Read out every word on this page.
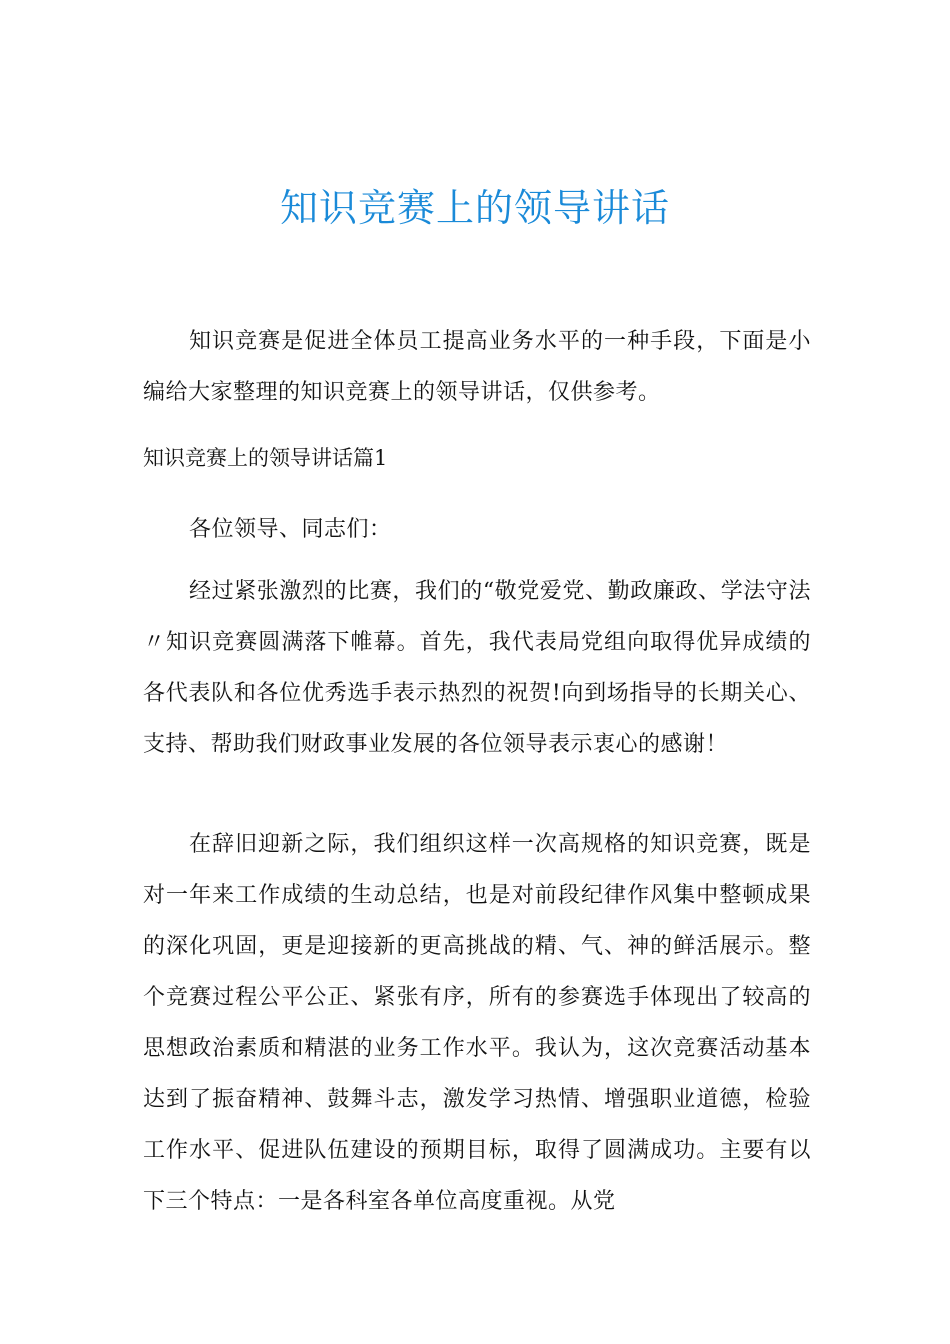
知识竞赛上的领导讲话

知识竞赛是促进全体员工提高业务水平的一种手段，下面是小编给大家整理的知识竞赛上的领导讲话，仅供参考。

知识竞赛上的领导讲话篇1

各位领导、同志们：

经过紧张激烈的比赛，我们的“敬党爱党、勤政廉政、学法守法〃知识竞赛圆满落下帷幕。首先，我代表局党组向取得优异成绩的各代表队和各位优秀选手表示热烈的祝贺!向到场指导的长期关心、支持、帮助我们财政事业发展的各位领导表示衷心的感谢！

在辞旧迎新之际，我们组织这样一次高规格的知识竞赛，既是对一年来工作成绩的生动总结，也是对前段纪律作风集中整顿成果的深化巩固，更是迎接新的更高挑战的精、气、神的鲜活展示。整个竞赛过程公平公正、紧张有序，所有的参赛选手体现出了较高的思想政治素质和精湛的业务工作水平。我认为，这次竞赛活动基本达到了振奋精神、鼓舞斗志，激发学习热情、增强职业道德，检验工作水平、促进队伍建设的预期目标，取得了圆满成功。主要有以下三个特点：一是各科室各单位高度重视。从党
